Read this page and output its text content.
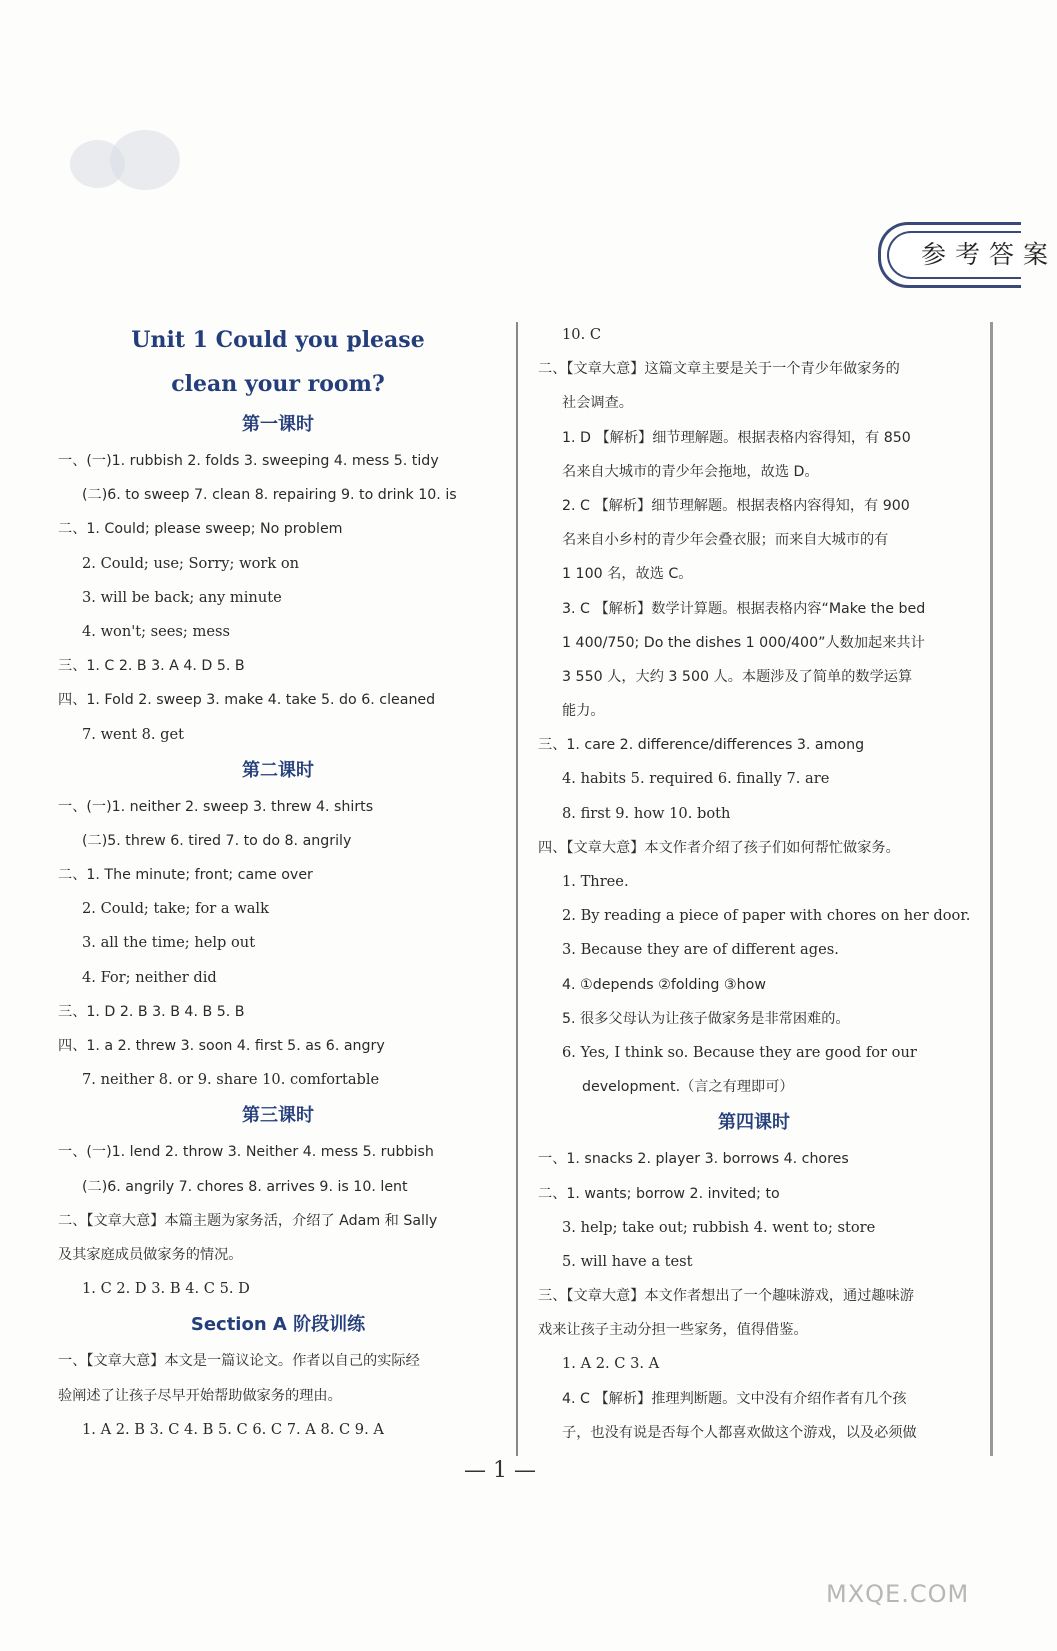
参考答案
Unit 1 Could you please
clean your room?
第一课时
一、(一)1. rubbish 2. folds 3. sweeping 4. mess 5. tidy
(二)6. to sweep 7. clean 8. repairing 9. to drink 10. is
二、1. Could; please sweep; No problem
2. Could; use; Sorry; work on
3. will be back; any minute
4. won't; sees; mess
三、1. C 2. B 3. A 4. D 5. B
四、1. Fold 2. sweep 3. make 4. take 5. do 6. cleaned
7. went 8. get
第二课时
一、(一)1. neither 2. sweep 3. threw 4. shirts
(二)5. threw 6. tired 7. to do 8. angrily
二、1. The minute; front; came over
2. Could; take; for a walk
3. all the time; help out
4. For; neither did
三、1. D 2. B 3. B 4. B 5. B
四、1. a 2. threw 3. soon 4. first 5. as 6. angry
7. neither 8. or 9. share 10. comfortable
第三课时
一、(一)1. lend 2. throw 3. Neither 4. mess 5. rubbish
(二)6. angrily 7. chores 8. arrives 9. is 10. lent
二、【文章大意】本篇主题为家务活，介绍了 Adam 和 Sally
及其家庭成员做家务的情况。
1. C 2. D 3. B 4. C 5. D
Section A 阶段训练
一、【文章大意】本文是一篇议论文。作者以自己的实际经
验阐述了让孩子尽早开始帮助做家务的理由。
1. A 2. B 3. C 4. B 5. C 6. C 7. A 8. C 9. A
10. C
二、【文章大意】这篇文章主要是关于一个青少年做家务的
社会调查。
1. D 【解析】细节理解题。根据表格内容得知，有 850
名来自大城市的青少年会拖地，故选 D。
2. C 【解析】细节理解题。根据表格内容得知，有 900
名来自小乡村的青少年会叠衣服；而来自大城市的有
1 100 名，故选 C。
3. C 【解析】数学计算题。根据表格内容“Make the bed
1 400/750; Do the dishes 1 000/400”人数加起来共计
3 550 人，大约 3 500 人。本题涉及了简单的数学运算
能力。
三、1. care 2. difference/differences 3. among
4. habits 5. required 6. finally 7. are
8. first 9. how 10. both
四、【文章大意】本文作者介绍了孩子们如何帮忙做家务。
1. Three.
2. By reading a piece of paper with chores on her door.
3. Because they are of different ages.
4. ①depends ②folding ③how
5. 很多父母认为让孩子做家务是非常困难的。
6. Yes, I think so. Because they are good for our
development.（言之有理即可）
第四课时
一、1. snacks 2. player 3. borrows 4. chores
二、1. wants; borrow 2. invited; to
3. help; take out; rubbish 4. went to; store
5. will have a test
三、【文章大意】本文作者想出了一个趣味游戏，通过趣味游
戏来让孩子主动分担一些家务，值得借鉴。
1. A 2. C 3. A
4. C 【解析】推理判断题。文中没有介绍作者有几个孩
子，也没有说是否每个人都喜欢做这个游戏，以及必须做
— 1 —
MXQE.COM
